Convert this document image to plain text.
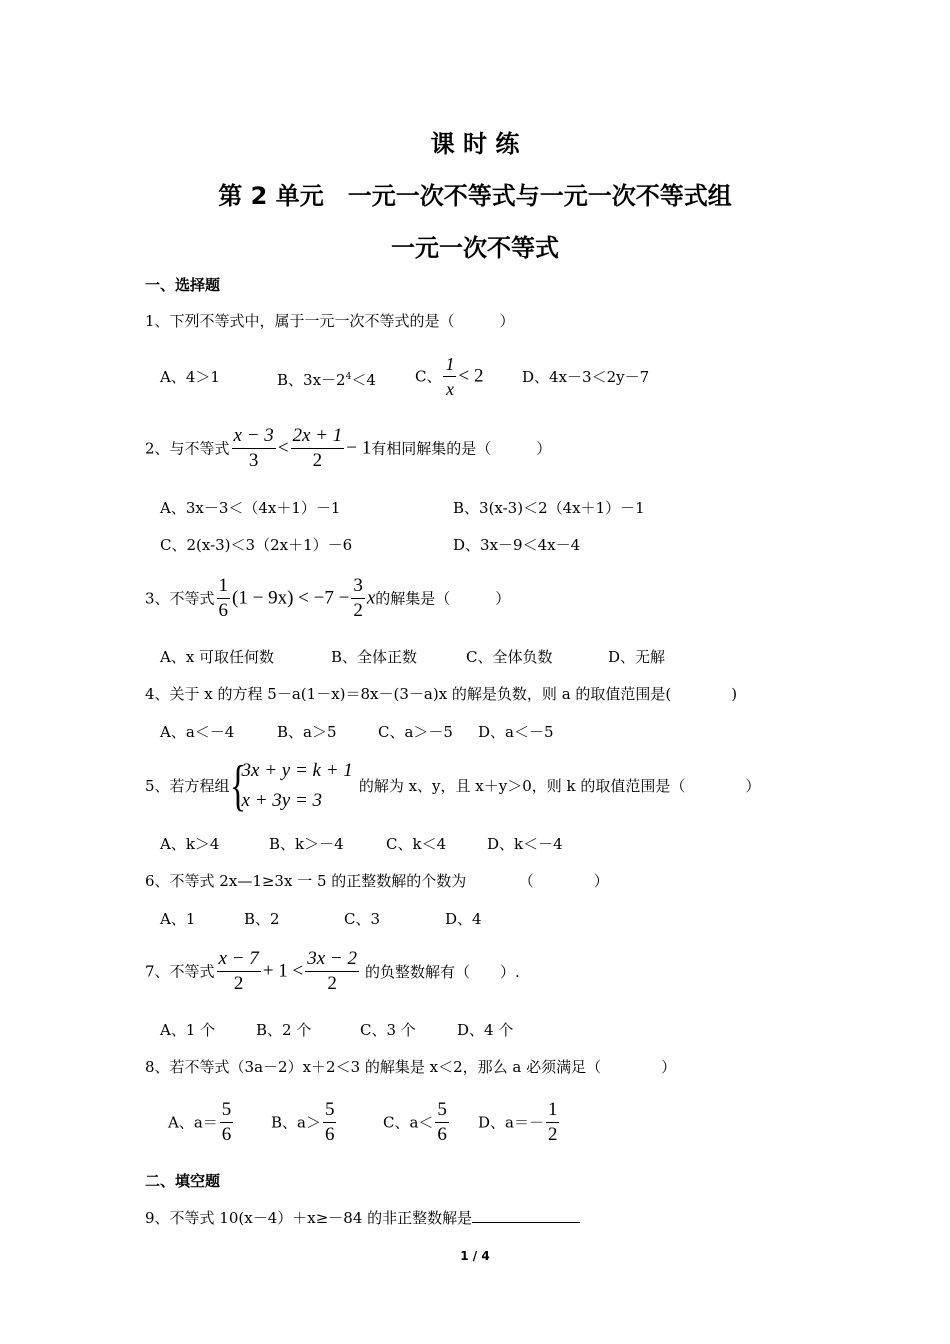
课 时 练
第 2 单元　一元一次不等式与一元一次不等式组
一元一次不等式
一、选择题
1、下列不等式中，属于一元一次不等式的是（　　　）
A、4＞1	B、$3x-2^4<4$	C、 $\frac{1}{x} < 2$	D、4x－3＜2y－7
2、与不等式 $\frac{x - 3}{3} < \frac{2x + 1}{2} - 1$有相同解集的是（　　　）
A、3x－3＜（4x＋1）－1	B、3(x-3)＜2（4x＋1）－1
C、2(x-3)＜3（2x＋1）－6	D、3x－9＜4x－4
3、不等式 $\frac{1}{6} (1 - 9x) < -7 - \frac{3}{2}$ x的解集是（　　　）
A、x 可取任何数	B、全体正数	C、全体负数	D、无解
4、关于 x 的方程 5－a(1－x)＝8x－(3－a)x 的解是负数，则 a 的取值范围是(　　　　)
A、a＜－4	B、a＞5	C、a＞－5 D、a＜－5
5、若方程组 {
3x + y = k + 1
x + 3y = 3
的解为 x、y，且 x＋y＞0，则 k 的取值范围是（　　　　）
A、k＞4	B、k＞－4	C、k＜4	D、k＜－4
6、不等式 2x—1≥3x 一 5 的正整数解的个数为　　　　（　　　　）
A、1	B、2	C、3	D、4
7、不等式 $\frac{x - 7}{2} + 1 < \frac{3x - 2}{2}$ 的负整数解有（　　）.
A、1 个	B、2 个	C、3 个	D、4 个
8、若不等式（3a－2）x＋2＜3 的解集是 x＜2，那么 a 必须满足（　　　　）
A、$a= \frac{5}{6}$	B、$a> \frac{5}{6}$	C、$a< \frac{5}{6}$ D、$a=- \frac{1}{2}$
二、填空题
9、不等式 10(x－4）＋x≥－84 的非正整数解是
1 / 4
